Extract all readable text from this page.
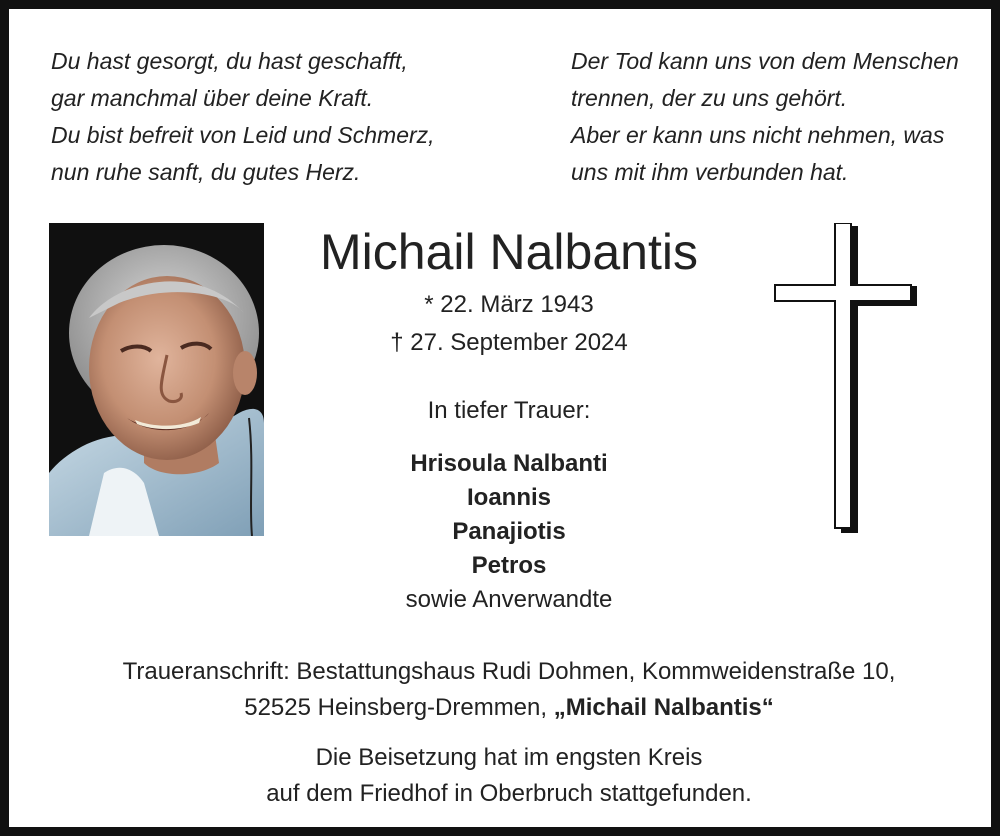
Du hast gesorgt, du hast geschafft,
gar manchmal über deine Kraft.
Du bist befreit von Leid und Schmerz,
nun ruhe sanft, du gutes Herz.
Der Tod kann uns von dem Menschen
trennen, der zu uns gehört.
Aber er kann uns nicht nehmen, was
uns mit ihm verbunden hat.
Michail Nalbantis
* 22. März 1943
† 27. September 2024
In tiefer Trauer:
Hrisoula Nalbanti
Ioannis
Panajiotis
Petros
sowie Anverwandte
Traueranschrift: Bestattungshaus Rudi Dohmen, Kommweidenstraße 10,
52525 Heinsberg-Dremmen, „Michail Nalbantis“
Die Beisetzung hat im engsten Kreis
auf dem Friedhof in Oberbruch stattgefunden.
